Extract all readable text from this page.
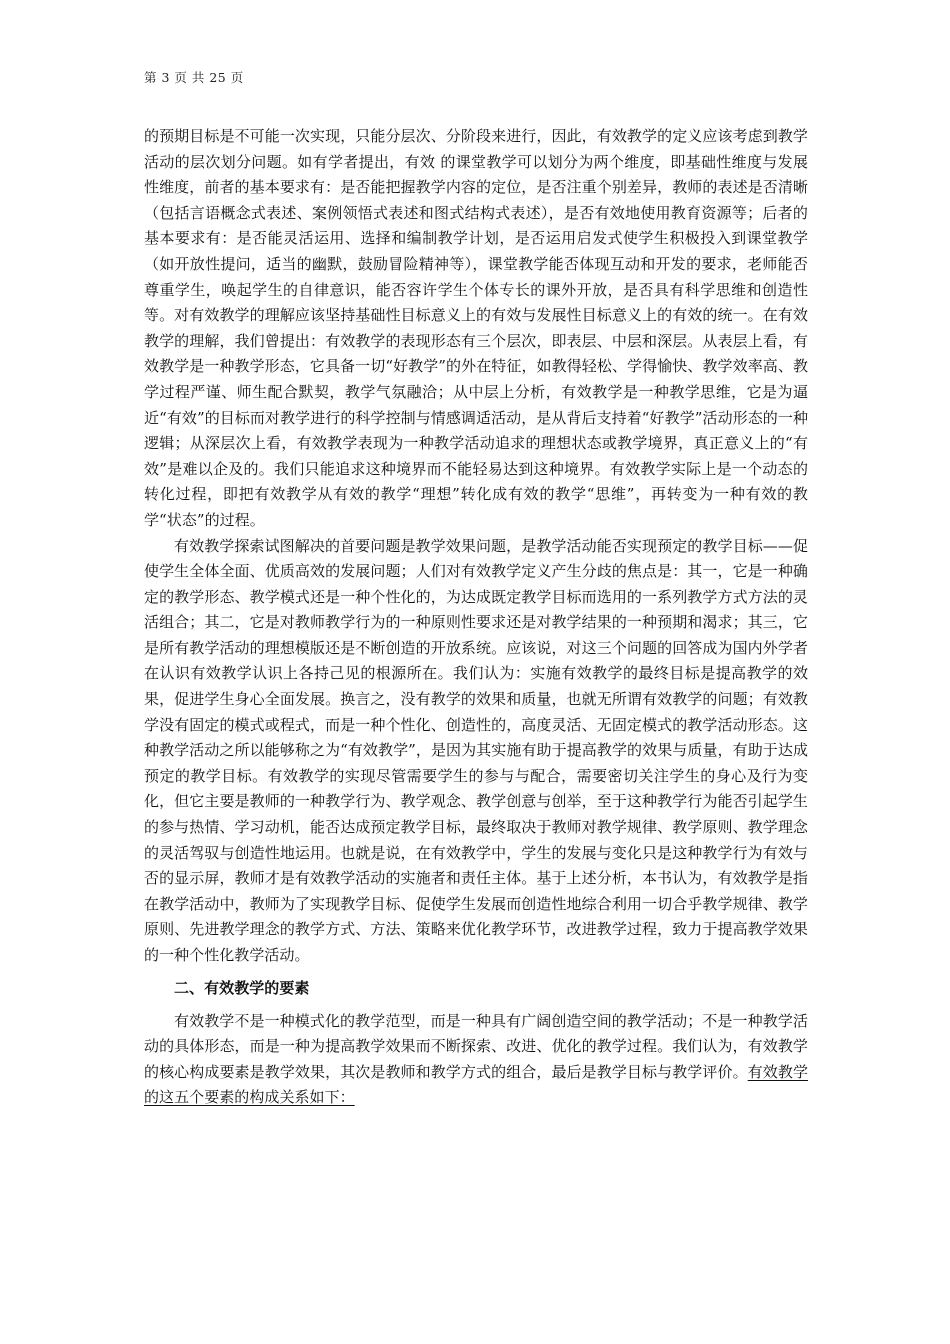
第 3 页 共 25 页

的预期目标是不可能一次实现，只能分层次、分阶段来进行，因此，有效教学的定义应该考虑到教学活动的层次划分问题。如有学者提出，有效 的课堂教学可以划分为两个维度，即基础性维度与发展性维度，前者的基本要求有：是否能把握教学内容的定位，是否注重个别差异，教师的表述是否清晰（包括言语概念式表述、案例领悟式表述和图式结构式表述），是否有效地使用教育资源等；后者的基本要求有：是否能灵活运用、选择和编制教学计划，是否运用启发式使学生积极投入到课堂教学（如开放性提问，适当的幽默，鼓励冒险精神等），课堂教学能否体现互动和开发的要求，老师能否尊重学生，唤起学生的自律意识，能否容许学生个体专长的课外开放，是否具有科学思维和创造性等。对有效教学的理解应该坚持基础性目标意义上的有效与发展性目标意义上的有效的统一。在有效教学的理解，我们曾提出：有效教学的表现形态有三个层次，即表层、中层和深层。从表层上看，有效教学是一种教学形态，它具备一切“好教学”的外在特征，如教得轻松、学得愉快、教学效率高、教学过程严谨、师生配合默契，教学气氛融洽；从中层上分析，有效教学是一种教学思维，它是为逼近“有效”的目标而对教学进行的科学控制与情感调适活动，是从背后支持着“好教学”活动形态的一种逻辑；从深层次上看，有效教学表现为一种教学活动追求的理想状态或教学境界，真正意义上的“有效”是难以企及的。我们只能追求这种境界而不能轻易达到这种境界。有效教学实际上是一个动态的转化过程，即把有效教学从有效的教学“理想”转化成有效的教学“思维”，再转变为一种有效的教学“状态”的过程。

有效教学探索试图解决的首要问题是教学效果问题，是教学活动能否实现预定的教学目标——促使学生全体全面、优质高效的发展问题；人们对有效教学定义产生分歧的焦点是：其一，它是一种确定的教学形态、教学模式还是一种个性化的，为达成既定教学目标而选用的一系列教学方式方法的灵活组合；其二，它是对教师教学行为的一种原则性要求还是对教学结果的一种预期和渴求；其三，它是所有教学活动的理想模版还是不断创造的开放系统。应该说，对这三个问题的回答成为国内外学者在认识有效教学认识上各持己见的根源所在。我们认为：实施有效教学的最终目标是提高教学的效果，促进学生身心全面发展。换言之，没有教学的效果和质量，也就无所谓有效教学的问题；有效教学没有固定的模式或程式，而是一种个性化、创造性的，高度灵活、无固定模式的教学活动形态。这种教学活动之所以能够称之为“有效教学”，是因为其实施有助于提高教学的效果与质量，有助于达成预定的教学目标。有效教学的实现尽管需要学生的参与与配合，需要密切关注学生的身心及行为变化，但它主要是教师的一种教学行为、教学观念、教学创意与创举，至于这种教学行为能否引起学生的参与热情、学习动机，能否达成预定教学目标，最终取决于教师对教学规律、教学原则、教学理念的灵活驾驭与创造性地运用。也就是说，在有效教学中，学生的发展与变化只是这种教学行为有效与否的显示屏，教师才是有效教学活动的实施者和责任主体。基于上述分析，本书认为，有效教学是指在教学活动中，教师为了实现教学目标、促使学生发展而创造性地综合利用一切合乎教学规律、教学原则、先进教学理念的教学方式、方法、策略来优化教学环节，改进教学过程，致力于提高教学效果的一种个性化教学活动。

二、有效教学的要素

有效教学不是一种模式化的教学范型，而是一种具有广阔创造空间的教学活动；不是一种教学活动的具体形态，而是一种为提高教学效果而不断探索、改进、优化的教学过程。我们认为，有效教学的核心构成要素是教学效果，其次是教师和教学方式的组合，最后是教学目标与教学评价。有效教学的这五个要素的构成关系如下：
